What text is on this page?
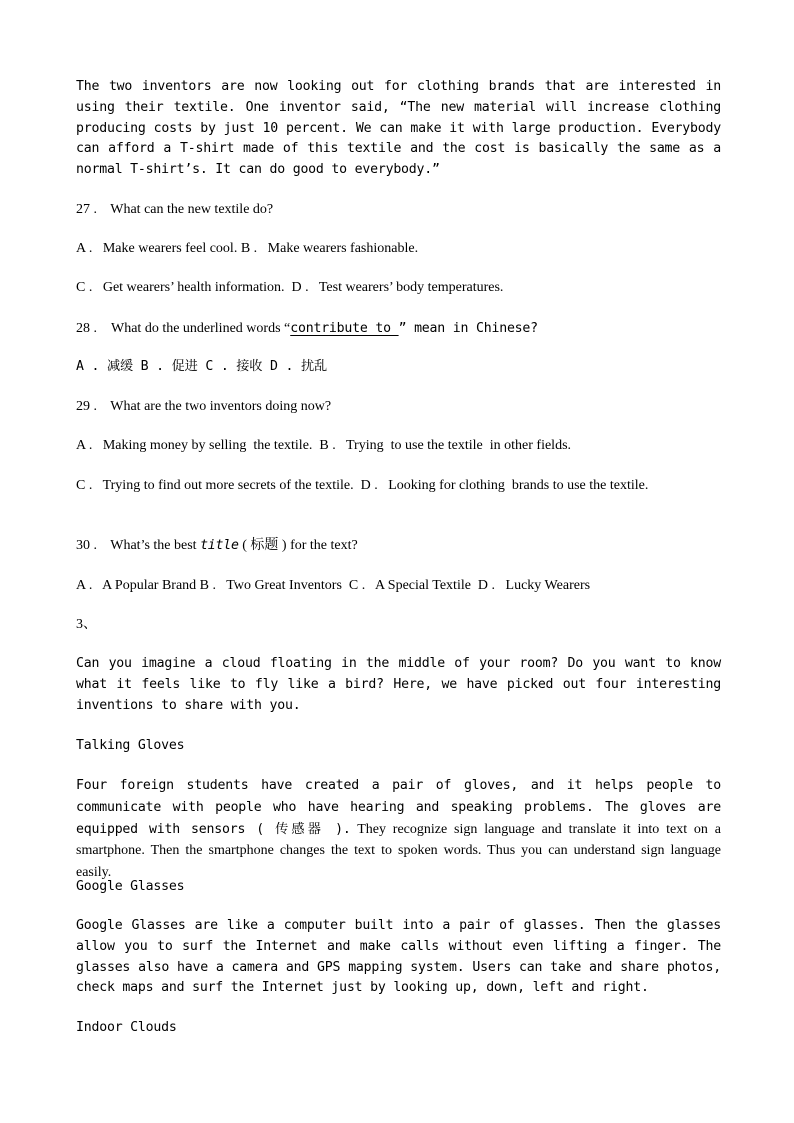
The two inventors are now looking out for clothing brands that are interested in using their textile. One inventor said, “The new material will increase clothing producing costs by just 10 percent. We can make it with large production. Everybody can afford a T-shirt made of this textile and the cost is basically the same as a normal T-shirt’s. It can do good to everybody.”

27 . What can the new textile do?

A .   Make wearers feel cool. B .   Make wearers fashionable.

C .   Get wearers’ health information.  D .   Test wearers’ body temperatures.

28 . What do the underlined words “contribute to ” mean in Chinese?

A . 减缓 B . 促进 C . 接收 D . 扰乱

29 . What are the two inventors doing now?

A .   Making money by selling  the textile.  B .   Trying  to use the textile  in other fields.

C .   Trying to find out more secrets of the textile.  D .   Looking for clothing  brands to use the textile.

30 . What’s the best title ( 标题 ) for the text?

A .   A Popular Brand B .   Two Great Inventors  C .   A Special Textile  D .   Lucky Wearers

3、

Can you imagine a cloud floating in the middle of your room? Do you want to know what it feels like to fly like a bird? Here, we have picked out four interesting inventions to share with you.

Talking Gloves

Four foreign students have created a pair of gloves, and it helps people to communicate with people who have hearing and speaking problems. The gloves are equipped with sensors ( 传感器 ). They recognize sign language and translate it into text on a smartphone. Then the smartphone changes the text to spoken words. Thus you can understand sign language easily.

Google Glasses

Google Glasses are like a computer built into a pair of glasses. Then the glasses allow you to surf the Internet and make calls without even lifting a finger. The glasses also have a camera and GPS mapping system. Users can take and share photos, check maps and surf the Internet just by looking up, down, left and right.

Indoor Clouds
